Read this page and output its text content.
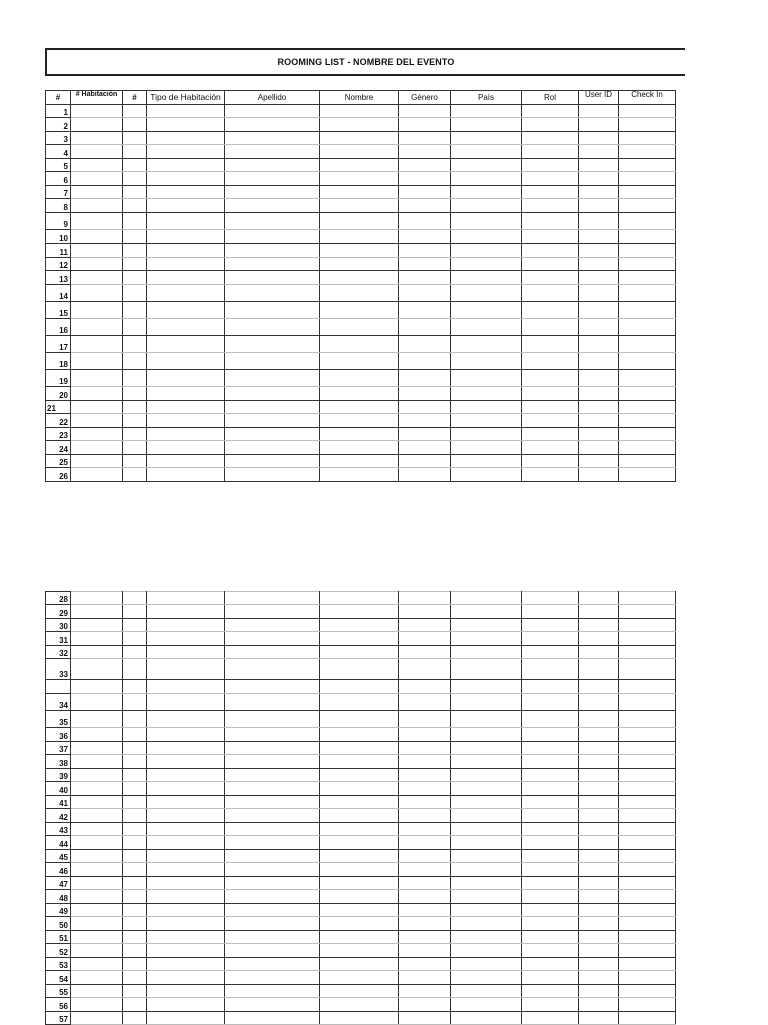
ROOMING LIST - NOMBRE DEL EVENTO
#	# Habitación	#	Tipo de Habitación	Apellido	Nombre	Género	País	Rol	User ID	Check In
1										
2										
3										
4										
5										
6										
7										
8										
9										
10										
11										
12										
13										
14										
15										
16										
17										
18										
19										
20										
21										
22										
23										
24										
25										
26										
28										
29										
30										
31										
32										
33										

34										
35										
36										
37										
38										
39										
40										
41										
42										
43										
44										
45										
46										
47										
48										
49										
50										
51										
52										
53										
54										
55										
56										
57										
